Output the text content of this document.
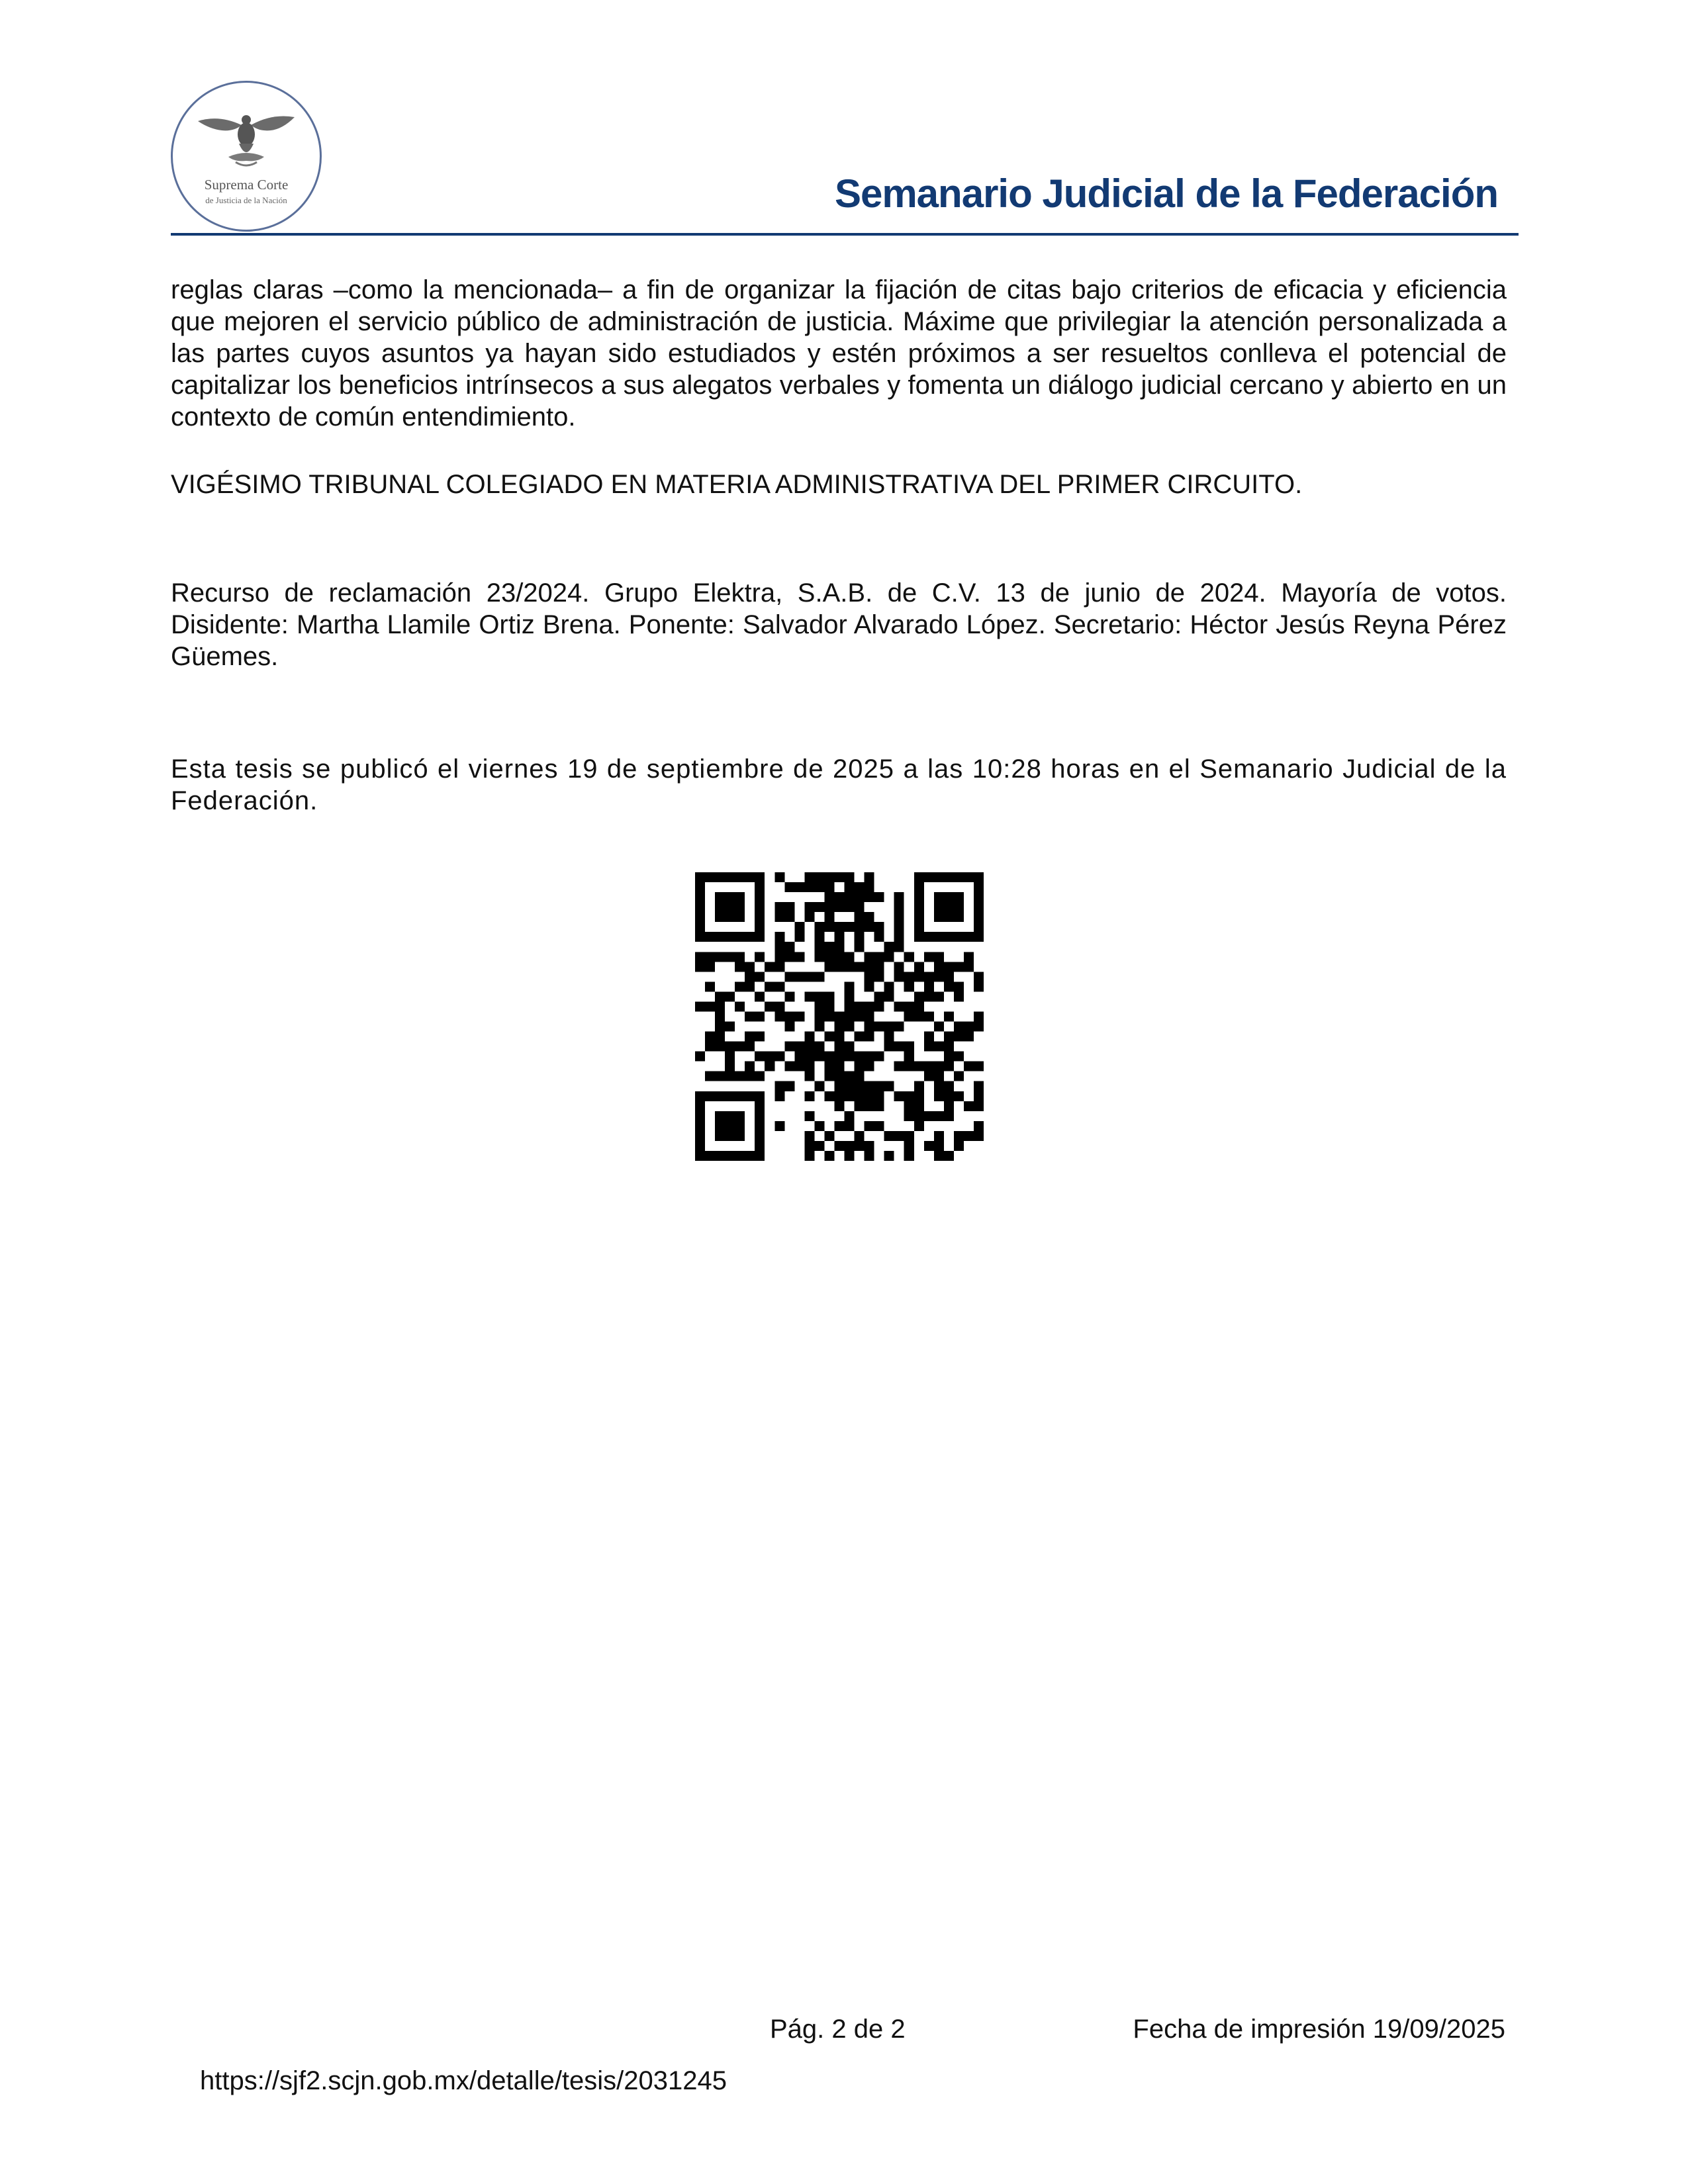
Suprema Corte
de Justicia de la Nación	Semanario Judicial de la Federación
reglas claras –como la mencionada– a fin de organizar la fijación de citas bajo criterios de eficacia y eficiencia que mejoren el servicio público de administración de justicia. Máxime que privilegiar la atención personalizada a las partes cuyos asuntos ya hayan sido estudiados y estén próximos a ser resueltos conlleva el potencial de capitalizar los beneficios intrínsecos a sus alegatos verbales y fomenta un diálogo judicial cercano y abierto en un contexto de común entendimiento.
VIGÉSIMO TRIBUNAL COLEGIADO EN MATERIA ADMINISTRATIVA DEL PRIMER CIRCUITO.
Recurso de reclamación 23/2024. Grupo Elektra, S.A.B. de C.V. 13 de junio de 2024. Mayoría de votos. Disidente: Martha Llamile Ortiz Brena. Ponente: Salvador Alvarado López. Secretario: Héctor Jesús Reyna Pérez Güemes.
Esta tesis se publicó el viernes 19 de septiembre de 2025 a las 10:28 horas en el Semanario Judicial de la Federación.
Pág. 2 de 2	Fecha de impresión 19/09/2025
https://sjf2.scjn.gob.mx/detalle/tesis/2031245
